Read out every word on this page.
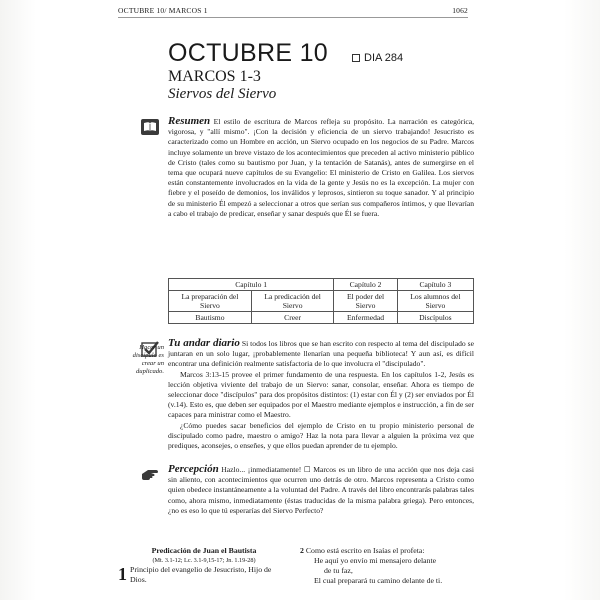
OCTUBRE 10/ MARCOS 1	1062
OCTUBRE 10	DIA 284
MARCOS 1-3
Siervos del Siervo

Resumen El estilo de escritura de Marcos refleja su propósito. La narración es categórica, vigorosa, y "allí mismo". ¡Con la decisión y eficiencia de un siervo trabajando! Jesucristo es caracterizado como un Hombre en acción, un Siervo ocupado en los negocios de su Padre. Marcos incluye solamente un breve vistazo de los acontecimientos que preceden al activo ministerio público de Cristo (tales como su bautismo por Juan, y la tentación de Satanás), antes de sumergirse en el tema que ocupará nueve capítulos de su Evangelio: El ministerio de Cristo en Galilea. Los siervos están constantemente involucrados en la vida de la gente y Jesús no es la excepción. La mujer con fiebre y el poseído de demonios, los inválidos y leprosos, sintieron su toque sanador. Y al principio de su ministerio Él empezó a seleccionar a otros que serían sus compañeros íntimos, y que llevarían a cabo el trabajo de predicar, enseñar y sanar después que Él se fuera.

Capítulo 1		Capítulo 2	Capítulo 3
La preparación del Siervo	La predicación del Siervo	El poder del Siervo	Los alumnos del Siervo
Bautismo	Creer	Enfermedad	Discípulos
Hacer un discípulo es crear un duplicado.

Tu andar diario Si todos los libros que se han escrito con respecto al tema del discipulado se juntaran en un solo lugar, ¡probablemente llenarían una pequeña biblioteca! Y aun así, es difícil encontrar una definición realmente satisfactoria de lo que involucra el "discipulado".

Marcos 3:13-15 provee el primer fundamento de una respuesta. En los capítulos 1-2, Jesús es lección objetiva viviente del trabajo de un Siervo: sanar, consolar, enseñar. Ahora es tiempo de seleccionar doce "discípulos" para dos propósitos distintos: (1) estar con Él y (2) ser enviados por Él (v.14). Esto es, que deben ser equipados por el Maestro mediante ejemplos e instrucción, a fin de ser capaces para ministrar como el Maestro.

¿Cómo puedes sacar beneficios del ejemplo de Cristo en tu propio ministerio personal de discipulado como padre, maestro o amigo? Haz la nota para llevar a alguien la próxima vez que prediques, aconsejes, o enseñes, y que ellos puedan aprender de tu ejemplo.

Percepción Hazlo... ¡inmediatamente! ☐ Marcos es un libro de una acción que nos deja casi sin aliento, con acontecimientos que ocurren uno detrás de otro. Marcos representa a Cristo como quien obedece instantáneamente a la voluntad del Padre. A través del libro encontrarás palabras tales como, ahora mismo, inmediatamente (éstas traducidas de la misma palabra griega). Pero entonces, ¿no es eso lo que tú esperarías del Siervo Perfecto?

Predicación de Juan el Bautista
(Mt. 3.1-12; Lc. 3.1-9,15-17; Jn. 1.19-28)
1 Principio del evangelio de Jesucristo, Hijo de Dios.
2 Como está escrito en Isaías el profeta:
He aquí yo envío mi mensajero delante
de tu faz,
El cual preparará tu camino delante de ti.
